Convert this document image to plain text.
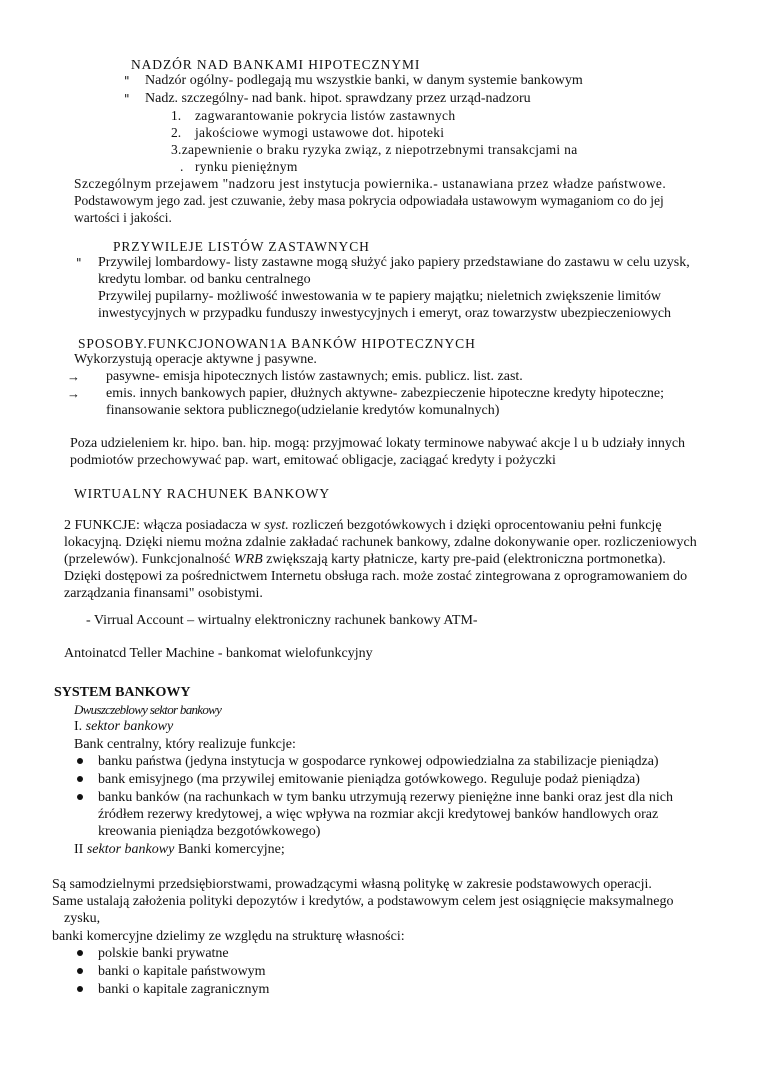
NADZÓR NAD BANKAMI HIPOTECZNYMI
" Nadzór ogólny- podlegają mu wszystkie banki, w danym systemie bankowym
" Nadz. szczególny- nad bank. hipot. sprawdzany przez urząd-nadzoru
1. zagwarantowanie pokrycia listów zastawnych
2. jakościowe wymogi ustawowe dot. hipoteki
3.zapewnienie o braku ryzyka związ, z niepotrzebnymi transakcjami na
. rynku pieniężnym
Szczególnym przejawem "nadzoru jest instytucja powiernika.- ustanawiana przez władze państwowe.
Podstawowym jego zad. jest czuwanie, żeby masa pokrycia odpowiadała ustawowym wymaganiom co do jej
wartości i jakości.
PRZYWILEJE LISTÓW ZASTAWNYCH
" Przywilej lombardowy- listy zastawne mogą służyć jako papiery przedstawiane do zastawu w celu uzysk,
kredytu lombar. od banku centralnego
Przywilej pupilarny- możliwość inwestowania w te papiery majątku; nieletnich zwiększenie limitów
inwestycyjnych w przypadku funduszy inwestycyjnych i emeryt, oraz towarzystw ubezpieczeniowych
SPOSOBY.FUNKCJONOWAN1A BANKÓW HIPOTECZNYCH
Wykorzystują operacje aktywne j pasywne.
→ pasywne- emisja hipotecznych listów zastawnych; emis. publicz. list. zast.
→ emis. innych bankowych papier, dłużnych aktywne- zabezpieczenie hipoteczne kredyty hipoteczne;
finansowanie sektora publicznego(udzielanie kredytów komunalnych)
Poza udzieleniem kr. hipo. ban. hip. mogą: przyjmować lokaty terminowe nabywać akcje l u b udziały innych
podmiotów przechowywać pap. wart, emitować obligacje, zaciągać kredyty i pożyczki
WIRTUALNY RACHUNEK BANKOWY
2 FUNKCJE: włącza posiadacza w syst. rozliczeń bezgotówkowych i dzięki oprocentowaniu pełni funkcję
lokacyjną. Dzięki niemu można zdalnie zakładać rachunek bankowy, zdalne dokonywanie oper. rozliczeniowych
(przelewów). Funkcjonalność WRB zwiększają karty płatnicze, karty pre-paid (elektroniczna portmonetka).
Dzięki dostępowi za pośrednictwem Internetu obsługa rach. może zostać zintegrowana z oprogramowaniem do
zarządzania finansami" osobistymi.
- Virrual Account – wirtualny elektroniczny rachunek bankowy ATM-
Antoinatcd Teller Machine - bankomat wielofunkcyjny
SYSTEM BANKOWY
Dwuszczeblowy sektor bankowy
I. sektor bankowy
Bank centralny, który realizuje funkcje:
banku państwa (jedyna instytucja w gospodarce rynkowej odpowiedzialna za stabilizacje pieniądza)
bank emisyjnego (ma przywilej emitowanie pieniądza gotówkowego. Reguluje podaż pieniądza)
banku banków (na rachunkach w tym banku utrzymują rezerwy pieniężne inne banki oraz jest dla nich
źródłem rezerwy kredytowej, a więc wpływa na rozmiar akcji kredytowej banków handlowych oraz
kreowania pieniądza bezgotówkowego)
II sektor bankowy Banki komercyjne;
Są samodzielnymi przedsiębiorstwami, prowadzącymi własną politykę w zakresie podstawowych operacji.
Same ustalają założenia polityki depozytów i kredytów, a podstawowym celem jest osiągnięcie maksymalnego
zysku,
banki komercyjne dzielimy ze względu na strukturę własności:
polskie banki prywatne
banki o kapitale państwowym
banki o kapitale zagranicznym
